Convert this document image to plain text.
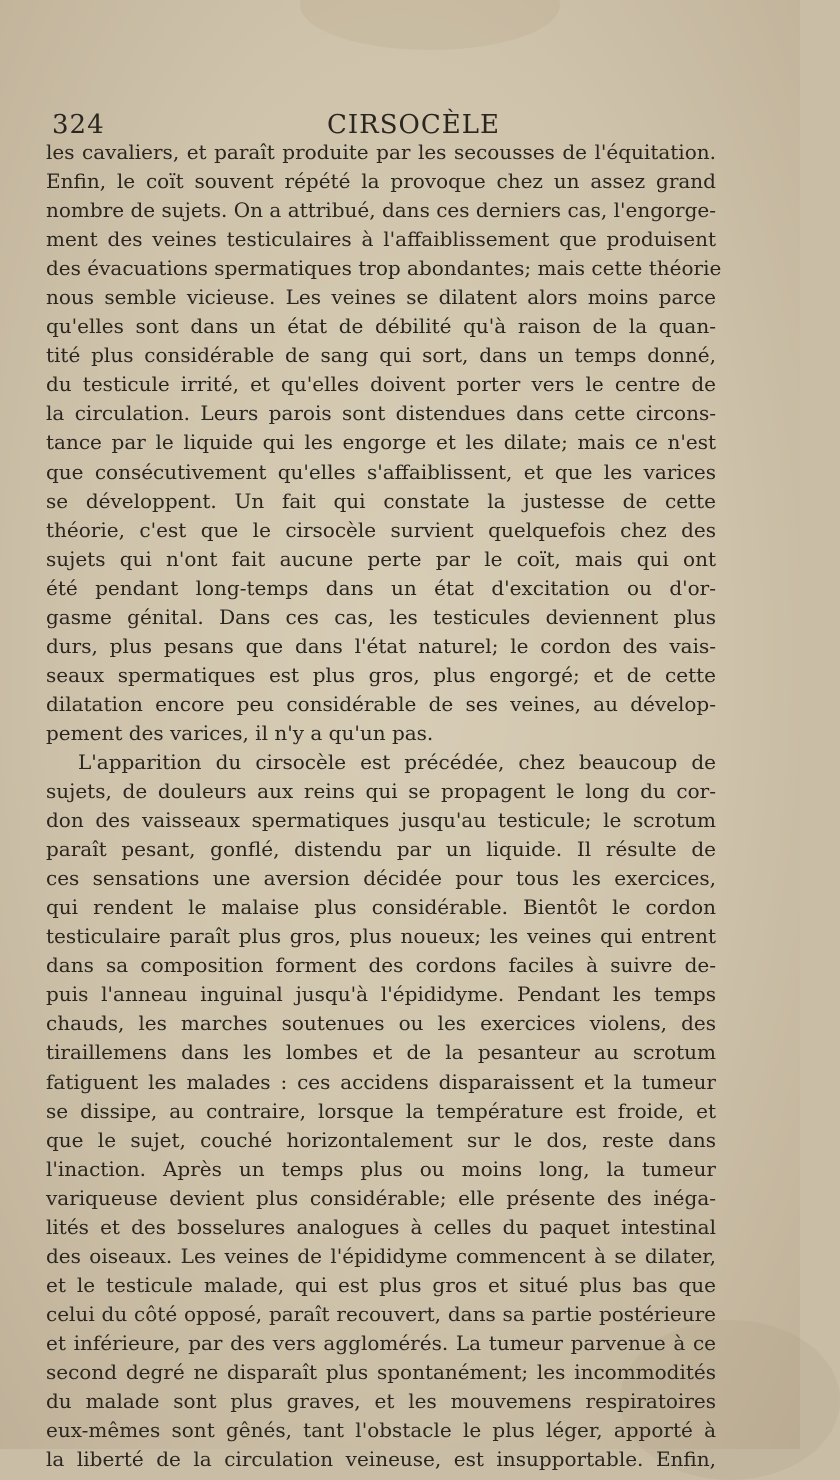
324	CIRSOCÈLE
les cavaliers, et paraît produite par les secousses de l'équitation.
Enfin, le coït souvent répété la provoque chez un assez grand
nombre de sujets. On a attribué, dans ces derniers cas, l'engorge-
ment des veines testiculaires à l'affaiblissement que produisent
des évacuations spermatiques trop abondantes; mais cette théorie
nous semble vicieuse. Les veines se dilatent alors moins parce
qu'elles sont dans un état de débilité qu'à raison de la quan-
tité plus considérable de sang qui sort, dans un temps donné,
du testicule irrité, et qu'elles doivent porter vers le centre de
la circulation. Leurs parois sont distendues dans cette circons-
tance par le liquide qui les engorge et les dilate; mais ce n'est
que consécutivement qu'elles s'affaiblissent, et que les varices
se développent. Un fait qui constate la justesse de cette
théorie, c'est que le cirsocèle survient quelquefois chez des
sujets qui n'ont fait aucune perte par le coït, mais qui ont
été pendant long-temps dans un état d'excitation ou d'or-
gasme génital. Dans ces cas, les testicules deviennent plus
durs, plus pesans que dans l'état naturel; le cordon des vais-
seaux spermatiques est plus gros, plus engorgé; et de cette
dilatation encore peu considérable de ses veines, au dévelop-
pement des varices, il n'y a qu'un pas.
L'apparition du cirsocèle est précédée, chez beaucoup de
sujets, de douleurs aux reins qui se propagent le long du cor-
don des vaisseaux spermatiques jusqu'au testicule; le scrotum
paraît pesant, gonflé, distendu par un liquide. Il résulte de
ces sensations une aversion décidée pour tous les exercices,
qui rendent le malaise plus considérable. Bientôt le cordon
testiculaire paraît plus gros, plus noueux; les veines qui entrent
dans sa composition forment des cordons faciles à suivre de-
puis l'anneau inguinal jusqu'à l'épididyme. Pendant les temps
chauds, les marches soutenues ou les exercices violens, des
tiraillemens dans les lombes et de la pesanteur au scrotum
fatiguent les malades : ces accidens disparaissent et la tumeur
se dissipe, au contraire, lorsque la température est froide, et
que le sujet, couché horizontalement sur le dos, reste dans
l'inaction. Après un temps plus ou moins long, la tumeur
variqueuse devient plus considérable; elle présente des inéga-
lités et des bosselures analogues à celles du paquet intestinal
des oiseaux. Les veines de l'épididyme commencent à se dilater,
et le testicule malade, qui est plus gros et situé plus bas que
celui du côté opposé, paraît recouvert, dans sa partie postérieure
et inférieure, par des vers agglomérés. La tumeur parvenue à ce
second degré ne disparaît plus spontanément; les incommodités
du malade sont plus graves, et les mouvemens respiratoires
eux-mêmes sont gênés, tant l'obstacle le plus léger, apporté à
la liberté de la circulation veineuse, est insupportable. Enfin,
